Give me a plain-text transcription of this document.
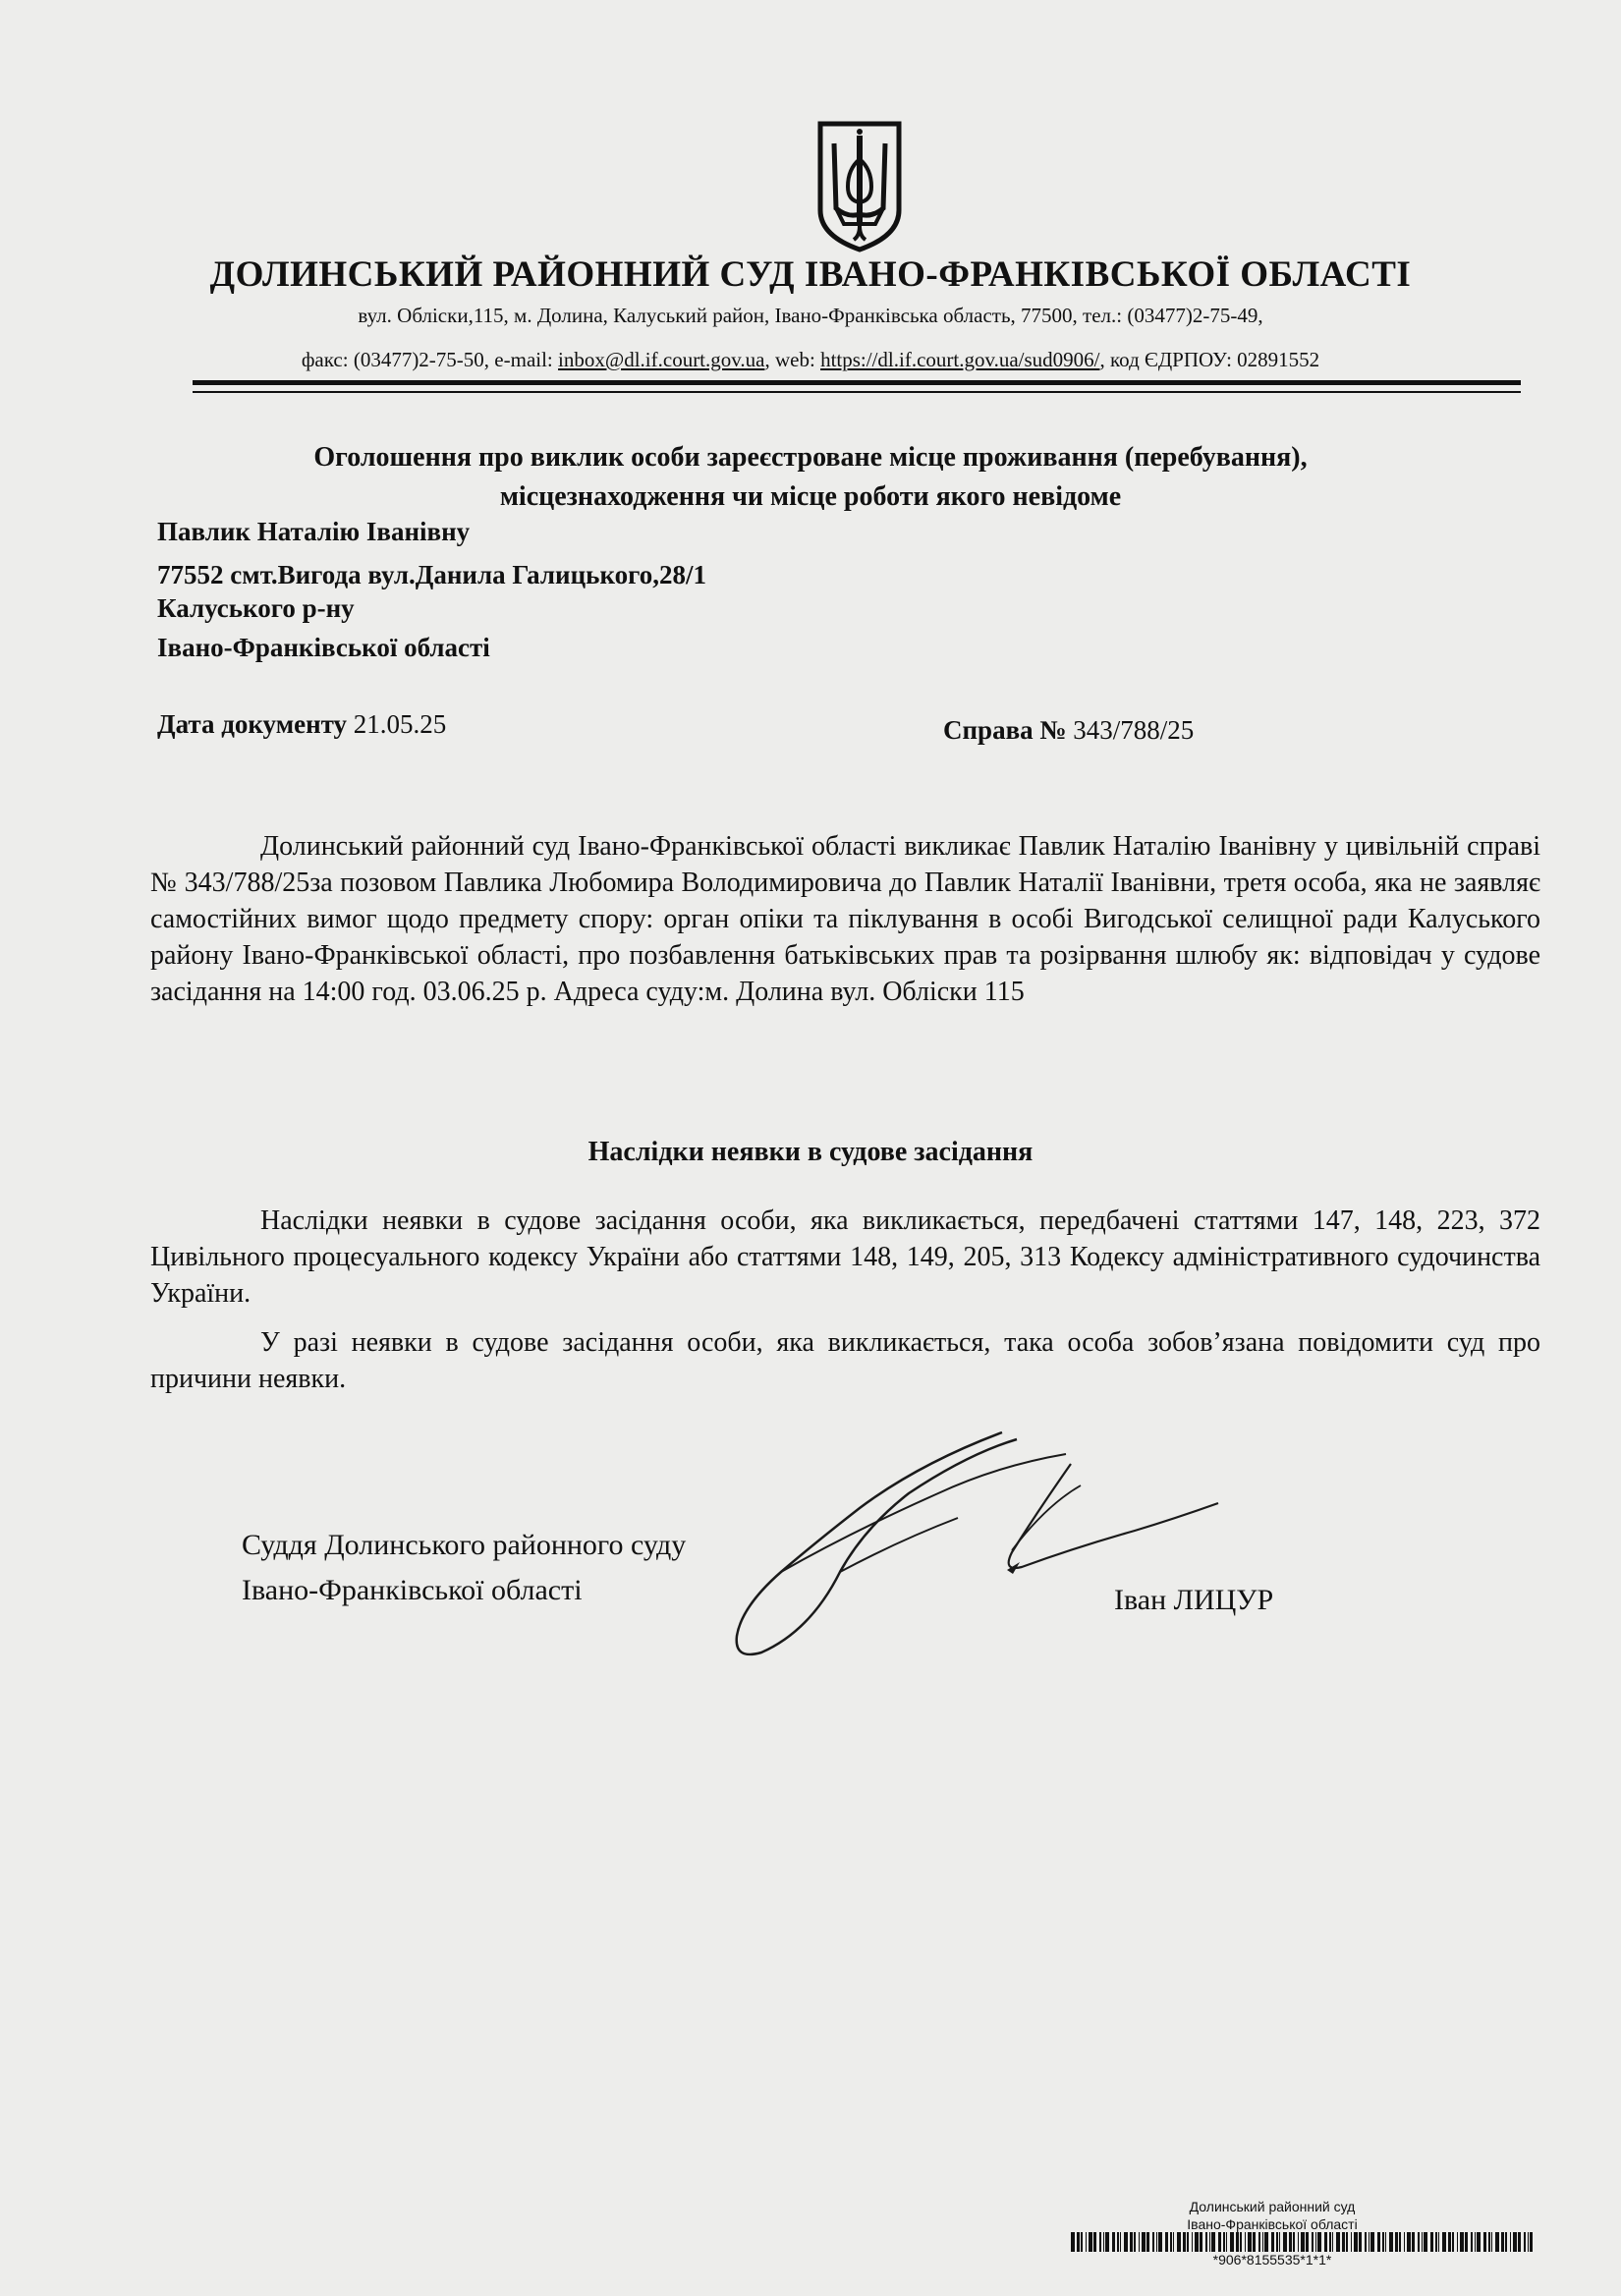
ДОЛИНСЬКИЙ РАЙОННИЙ СУД ІВАНО-ФРАНКІВСЬКОЇ ОБЛАСТІ
вул. Обліски,115, м. Долина, Калуський район, Івано-Франківська область, 77500, тел.: (03477)2-75-49,
факс: (03477)2-75-50, e-mail: inbox@dl.if.court.gov.ua, web: https://dl.if.court.gov.ua/sud0906/, код ЄДРПОУ: 02891552
Оголошення про виклик особи зареєстроване місце проживання (перебування),
місцезнаходження чи місце роботи якого невідоме
Павлик Наталію Іванівну
77552 смт.Вигода вул.Данила Галицького,28/1
Калуського р-ну
Івано-Франківської області
Дата документу 21.05.25	Справа № 343/788/25

Долинський районний суд Івано-Франківської області викликає Павлик Наталію Іванівну у цивільній справі № 343/788/25за позовом Павлика Любомира Володимировича до Павлик Наталії Іванівни, третя особа, яка не заявляє самостійних вимог щодо предмету спору: орган опіки та піклування в особі Вигодської селищної ради Калуського району Івано-Франківської області, про позбавлення батьківських прав та розірвання шлюбу як: відповідач у судове засідання на 14:00 год. 03.06.25 р. Адреса суду:м. Долина вул. Обліски 115

Наслідки неявки в судове засідання

Наслідки неявки в судове засідання особи, яка викликається, передбачені статтями 147, 148, 223, 372 Цивільного процесуального кодексу України або статтями 148, 149, 205, 313 Кодексу адміністративного судочинства України.

У разі неявки в судове засідання особи, яка викликається, така особа зобов’язана повідомити суд про причини неявки.

Суддя Долинського районного суду
Івано-Франківської області	Іван ЛИЦУР
Долинський районний суд
Івано-Франківської області
*906*8155535*1*1*
